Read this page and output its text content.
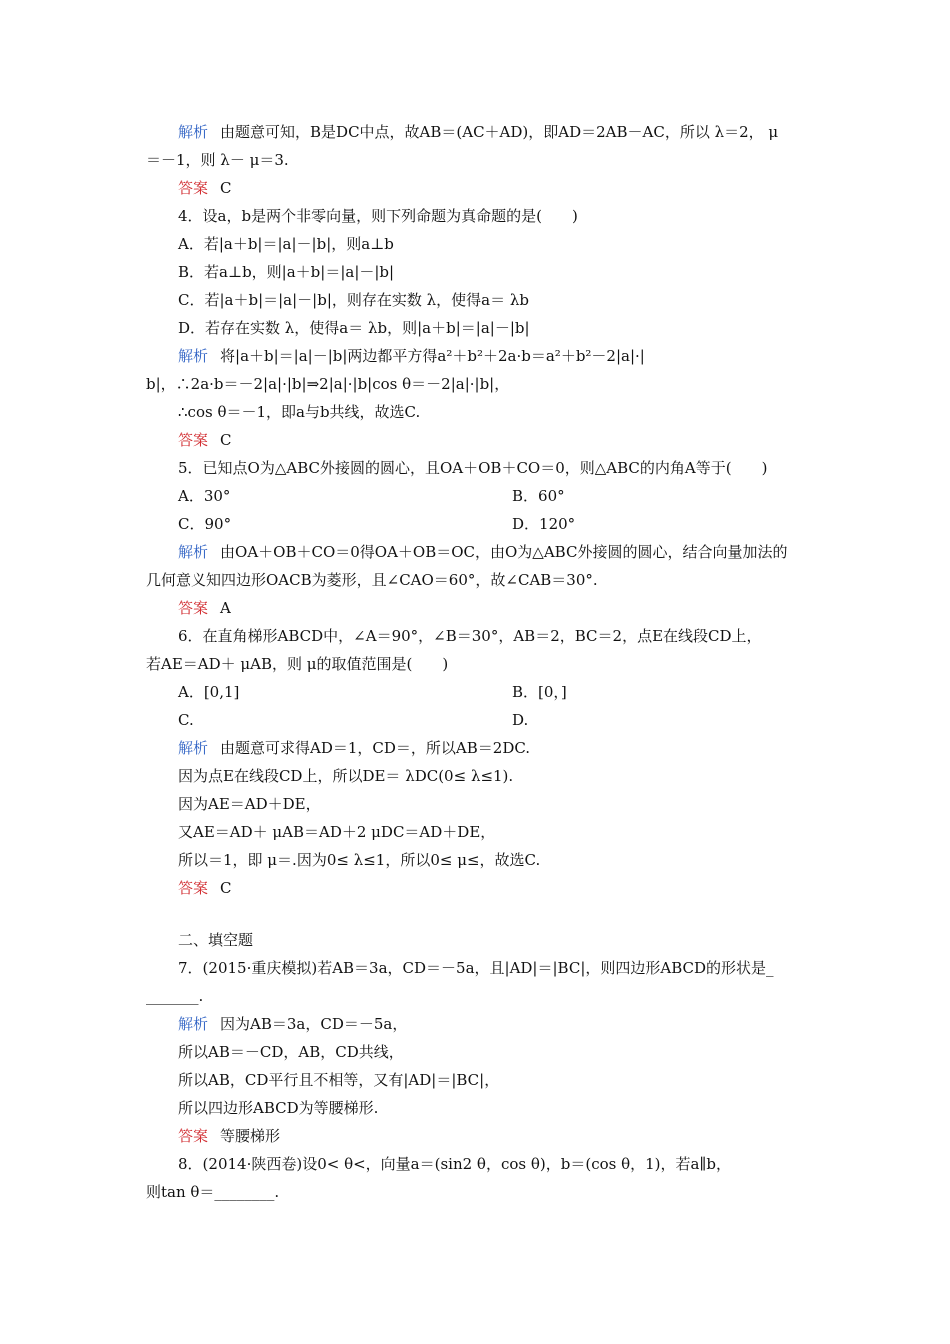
解析 由题意可知，B是DC中点，故AB＝(AC＋AD)，即AD＝2AB－AC，所以 λ＝2， μ
＝－1，则 λ－ μ＝3.
答案 C
4．设a，b是两个非零向量，则下列命题为真命题的是(　　)
A．若|a＋b|＝|a|－|b|，则a⊥b
B．若a⊥b，则|a＋b|＝|a|－|b|
C．若|a＋b|＝|a|－|b|，则存在实数 λ，使得a＝ λb
D．若存在实数 λ，使得a＝ λb，则|a＋b|＝|a|－|b|
解析 将|a＋b|＝|a|－|b|两边都平方得a²＋b²＋2a·b＝a²＋b²－2|a|·|
b|，∴2a·b＝－2|a|·|b|⇒2|a|·|b|cos θ＝－2|a|·|b|，
∴cos θ＝－1，即a与b共线，故选C.
答案 C
5．已知点O为△ABC外接圆的圆心，且OA＋OB＋CO＝0，则△ABC的内角A等于(　　)
A．30°	B．60°
C．90°	D．120°
解析 由OA＋OB＋CO＝0得OA＋OB＝OC，由O为△ABC外接圆的圆心，结合向量加法的
几何意义知四边形OACB为菱形，且∠CAO＝60°，故∠CAB＝30°.
答案 A
6．在直角梯形ABCD中，∠A＝90°，∠B＝30°，AB＝2，BC＝2，点E在线段CD上，
若AE＝AD＋ μAB，则 μ的取值范围是(　　)
A．[0,1]	B．[0，]
C.	D.
解析 由题意可求得AD＝1，CD＝，所以AB＝2DC.
因为点E在线段CD上，所以DE＝ λDC(0≤ λ≤1).
因为AE＝AD＋DE，
又AE＝AD＋ μAB＝AD＋2 μDC＝AD＋DE，
所以＝1，即 μ＝.因为0≤ λ≤1，所以0≤ μ≤，故选C.
答案 C
二、填空题
7．(2015·重庆模拟)若AB＝3a，CD＝－5a，且|AD|＝|BC|，则四边形ABCD的形状是_
_______.
解析 因为AB＝3a，CD＝－5a，
所以AB＝－CD，AB，CD共线，
所以AB，CD平行且不相等，又有|AD|＝|BC|，
所以四边形ABCD为等腰梯形.
答案 等腰梯形
8．(2014·陕西卷)设0< θ<，向量a＝(sin2 θ，cos θ)，b＝(cos θ，1)，若a∥b，
则tan θ＝________.
